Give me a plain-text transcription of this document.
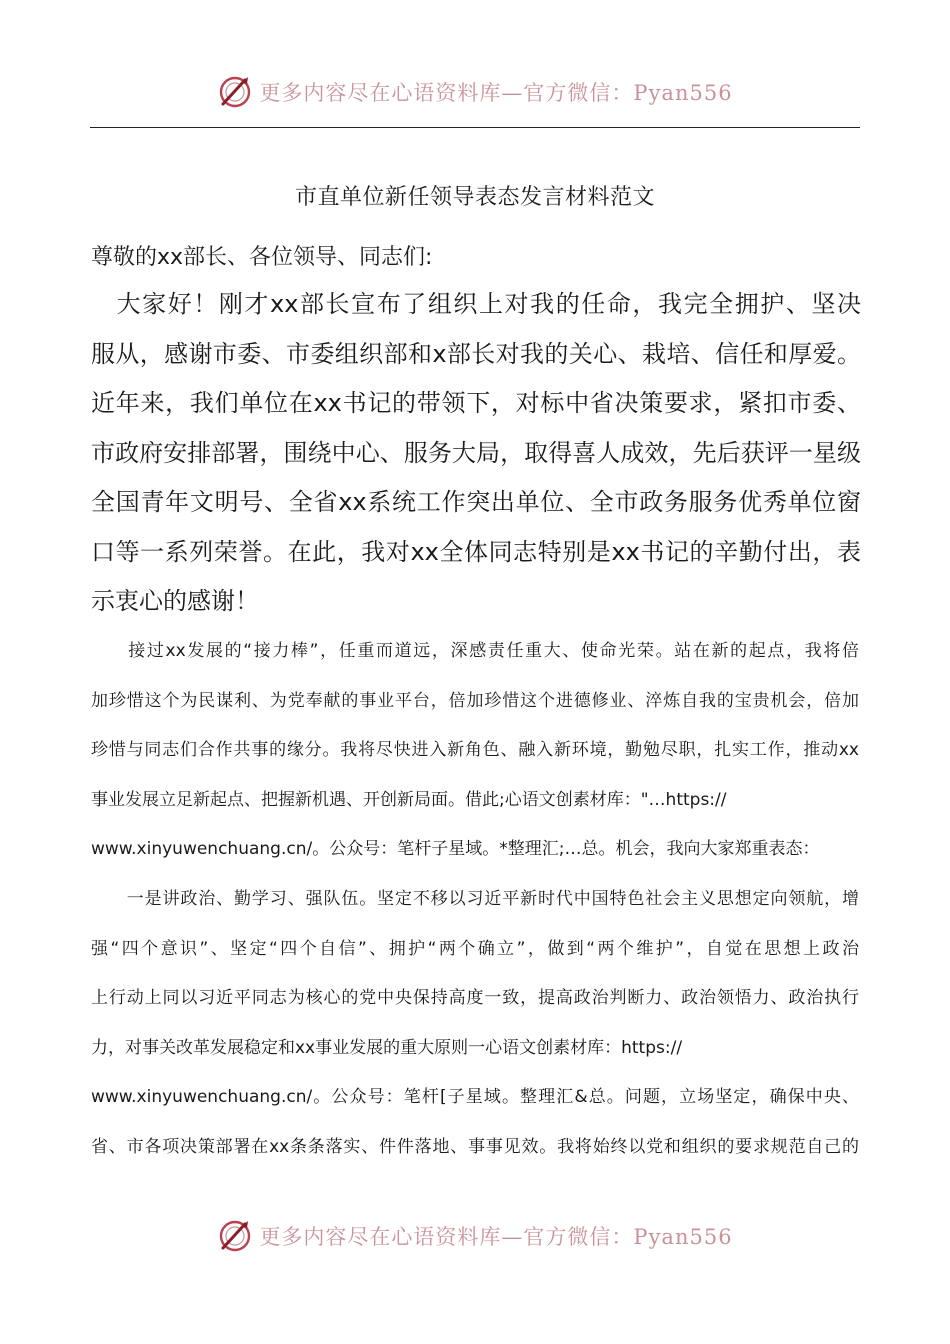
更多内容尽在心语资料库—官方微信：Pyan556
市直单位新任领导表态发言材料范文
尊敬的xx部长、各位领导、同志们:
　大家好！刚才xx部长宣布了组织上对我的任命，我完全拥护、坚决
服从，感谢市委、市委组织部和x部长对我的关心、栽培、信任和厚爱。
近年来，我们单位在xx书记的带领下，对标中省决策要求，紧扣市委、
市政府安排部署，围绕中心、服务大局，取得喜人成效，先后获评一星级
全国青年文明号、全省xx系统工作突出单位、全市政务服务优秀单位窗
口等一系列荣誉。在此，我对xx全体同志特别是xx书记的辛勤付出，表
示衷心的感谢！
　　接过xx发展的“接力棒”，任重而道远，深感责任重大、使命光荣。站在新的起点，我将倍
加珍惜这个为民谋利、为党奉献的事业平台，倍加珍惜这个进德修业、淬炼自我的宝贵机会，倍加
珍惜与同志们合作共事的缘分。我将尽快进入新角色、融入新环境，勤勉尽职，扎实工作，推动xx
事业发展立足新起点、把握新机遇、开创新局面。借此;心语文创素材库："…https://
www.xinyuwenchuang.cn/。公众号：笔杆子星域。*整理汇;…总。机会，我向大家郑重表态：
　　一是讲政治、勤学习、强队伍。坚定不移以习近平新时代中国特色社会主义思想定向领航，增
强“四个意识”、坚定“四个自信”、拥护“两个确立”，做到“两个维护”，自觉在思想上政治
上行动上同以习近平同志为核心的党中央保持高度一致，提高政治判断力、政治领悟力、政治执行
力，对事关改革发展稳定和xx事业发展的重大原则一心语文创素材库：https://
www.xinyuwenchuang.cn/。公众号：笔杆[子星域。整理汇&总。问题，立场坚定，确保中央、
省、市各项决策部署在xx条条落实、件件落地、事事见效。我将始终以党和组织的要求规范自己的
更多内容尽在心语资料库—官方微信：Pyan556
